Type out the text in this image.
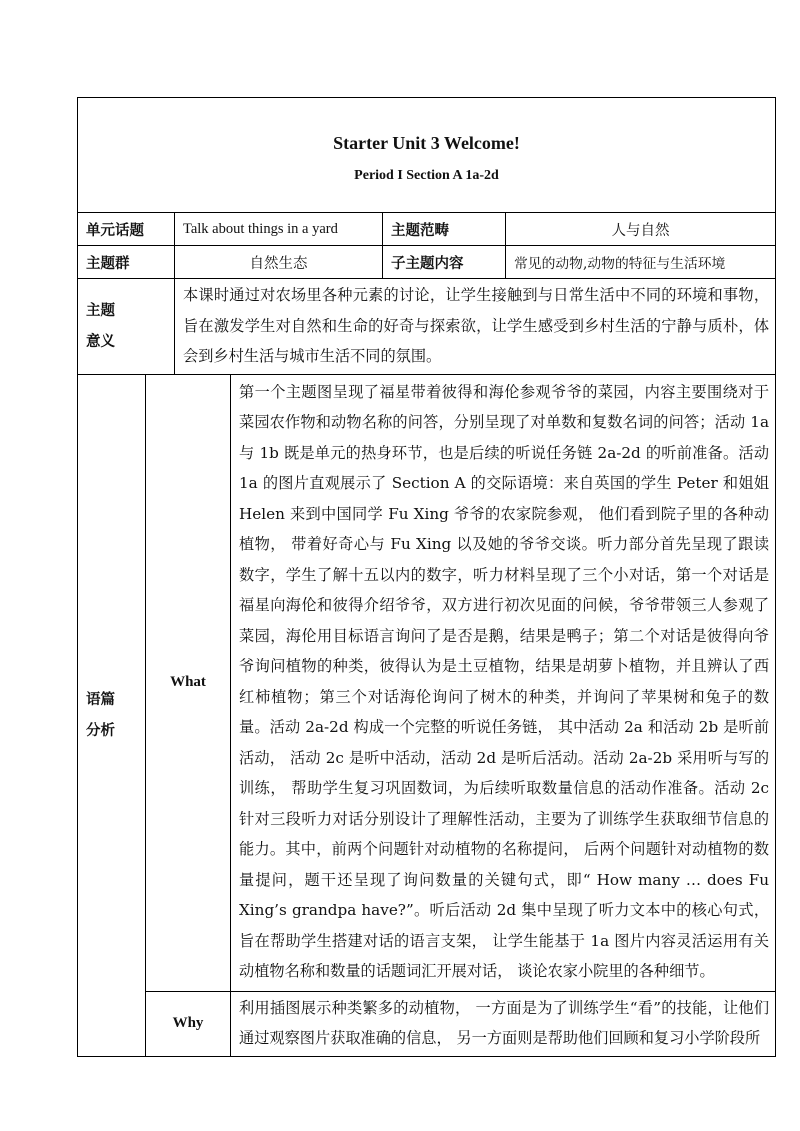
Starter Unit 3 Welcome!
Period I Section A 1a-2d					

单元话题		Talk about things in a yard		主题范畴	人与自然
主题群		自然生态		子主题内容	常见的动物,动物的特征与生活环境

主题
意义		本课时通过对农场里各种元素的讨论，让学生接触到与日常生活中不同的环境和事物，旨在激发学生对自然和生命的好奇与探索欲，让学生感受到乡村生活的宁静与质朴，体会到乡村生活与城市生活不同的氛围。			

语篇
分析	What		第一个主题图呈现了福星带着彼得和海伦参观爷爷的菜园，内容主要围绕对于菜园农作物和动物名称的问答，分别呈现了对单数和复数名词的问答；活动 1a 与 1b 既是单元的热身环节，也是后续的听说任务链 2a-2d 的听前准备。活动 1a 的图片直观展示了 Section A 的交际语境：来自英国的学生 Peter 和姐姐 Helen 来到中国同学 Fu Xing 爷爷的农家院参观， 他们看到院子里的各种动植物， 带着好奇心与 Fu Xing 以及她的爷爷交谈。听力部分首先呈现了跟读数字，学生了解十五以内的数字，听力材料呈现了三个小对话，第一个对话是福星向海伦和彼得介绍爷爷，双方进行初次见面的问候，爷爷带领三人参观了菜园，海伦用目标语言询问了是否是鹅，结果是鸭子；第二个对话是彼得向爷爷询问植物的种类，彼得认为是土豆植物，结果是胡萝卜植物，并且辨认了西红柿植物；第三个对话海伦询问了树木的种类，并询问了苹果树和兔子的数量。活动 2a-2d 构成一个完整的听说任务链， 其中活动 2a 和活动 2b 是听前活动， 活动 2c 是听中活动，活动 2d 是听后活动。活动 2a-2b 采用听与写的训练， 帮助学生复习巩固数词，为后续听取数量信息的活动作准备。活动 2c 针对三段听力对话分别设计了理解性活动，主要为了训练学生获取细节信息的能力。其中，前两个问题针对动植物的名称提问， 后两个问题针对动植物的数量提问，题干还呈现了询问数量的关键句式，即“ How many … does Fu Xing’s grandpa have?”。听后活动 2d 集中呈现了听力文本中的核心句式，旨在帮助学生搭建对话的语言支架， 让学生能基于 1a 图片内容灵活运用有关动植物名称和数量的话题词汇开展对话， 谈论农家小院里的各种细节。		
	Why		利用插图展示种类繁多的动植物， 一方面是为了训练学生“看”的技能，让他们通过观察图片获取准确的信息， 另一方面则是帮助他们回顾和复习小学阶段所		
